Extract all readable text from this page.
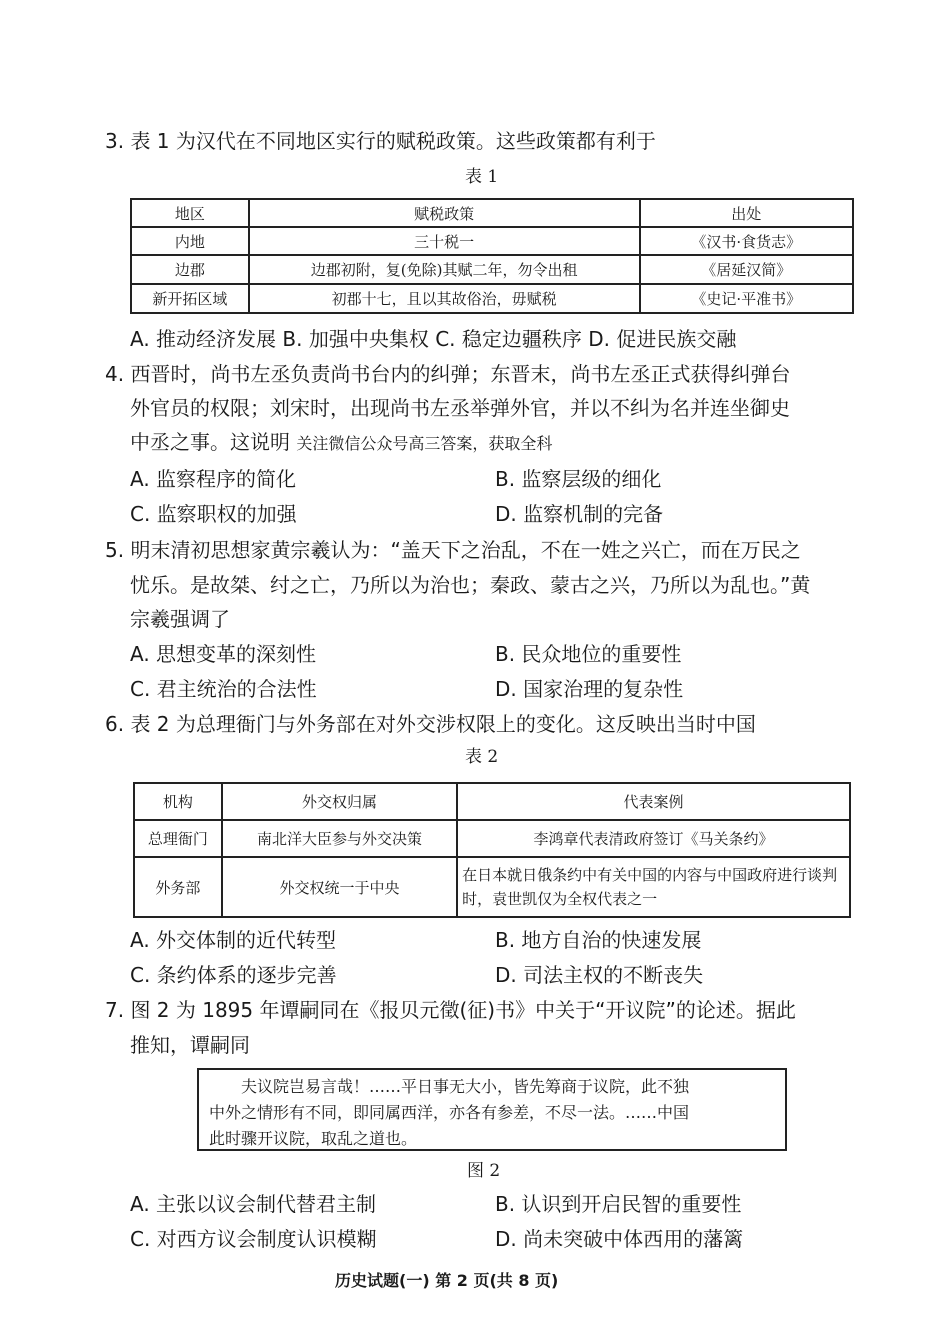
3. 表 1 为汉代在不同地区实行的赋税政策。这些政策都有利于
表 1
地区	赋税政策	出处
内地	三十税一	《汉书·食货志》
边郡	边郡初附，复(免除)其赋二年，勿令出租	《居延汉简》
新开拓区域	初郡十七，且以其故俗治，毋赋税	《史记·平准书》
A. 推动经济发展 B. 加强中央集权 C. 稳定边疆秩序 D. 促进民族交融
4. 西晋时，尚书左丞负责尚书台内的纠弹；东晋末，尚书左丞正式获得纠弹台
外官员的权限；刘宋时，出现尚书左丞举弹外官，并以不纠为名并连坐御史
中丞之事。这说明 关注微信公众号高三答案，获取全科
A. 监察程序的简化	B. 监察层级的细化
C. 监察职权的加强	D. 监察机制的完备
5. 明末清初思想家黄宗羲认为：“盖天下之治乱，不在一姓之兴亡，而在万民之
忧乐。是故桀、纣之亡，乃所以为治也；秦政、蒙古之兴，乃所以为乱也。”黄
宗羲强调了
A. 思想变革的深刻性	B. 民众地位的重要性
C. 君主统治的合法性	D. 国家治理的复杂性
6. 表 2 为总理衙门与外务部在对外交涉权限上的变化。这反映出当时中国
表 2
机构	外交权归属	代表案例
总理衙门	南北洋大臣参与外交决策	李鸿章代表清政府签订《马关条约》
外务部	外交权统一于中央	在日本就日俄条约中有关中国的内容与中国政府进行谈判时，袁世凯仅为全权代表之一
A. 外交体制的近代转型	B. 地方自治的快速发展
C. 条约体系的逐步完善	D. 司法主权的不断丧失
7. 图 2 为 1895 年谭嗣同在《报贝元徵(征)书》中关于“开议院”的论述。据此
推知，谭嗣同
夫议院岂易言哉！……平日事无大小，皆先筹商于议院，此不独
中外之情形有不同，即同属西洋，亦各有参差，不尽一法。……中国
此时骤开议院，取乱之道也。
图 2
A. 主张以议会制代替君主制	B. 认识到开启民智的重要性
C. 对西方议会制度认识模糊	D. 尚未突破中体西用的藩篱
历史试题(一) 第 2 页(共 8 页)
